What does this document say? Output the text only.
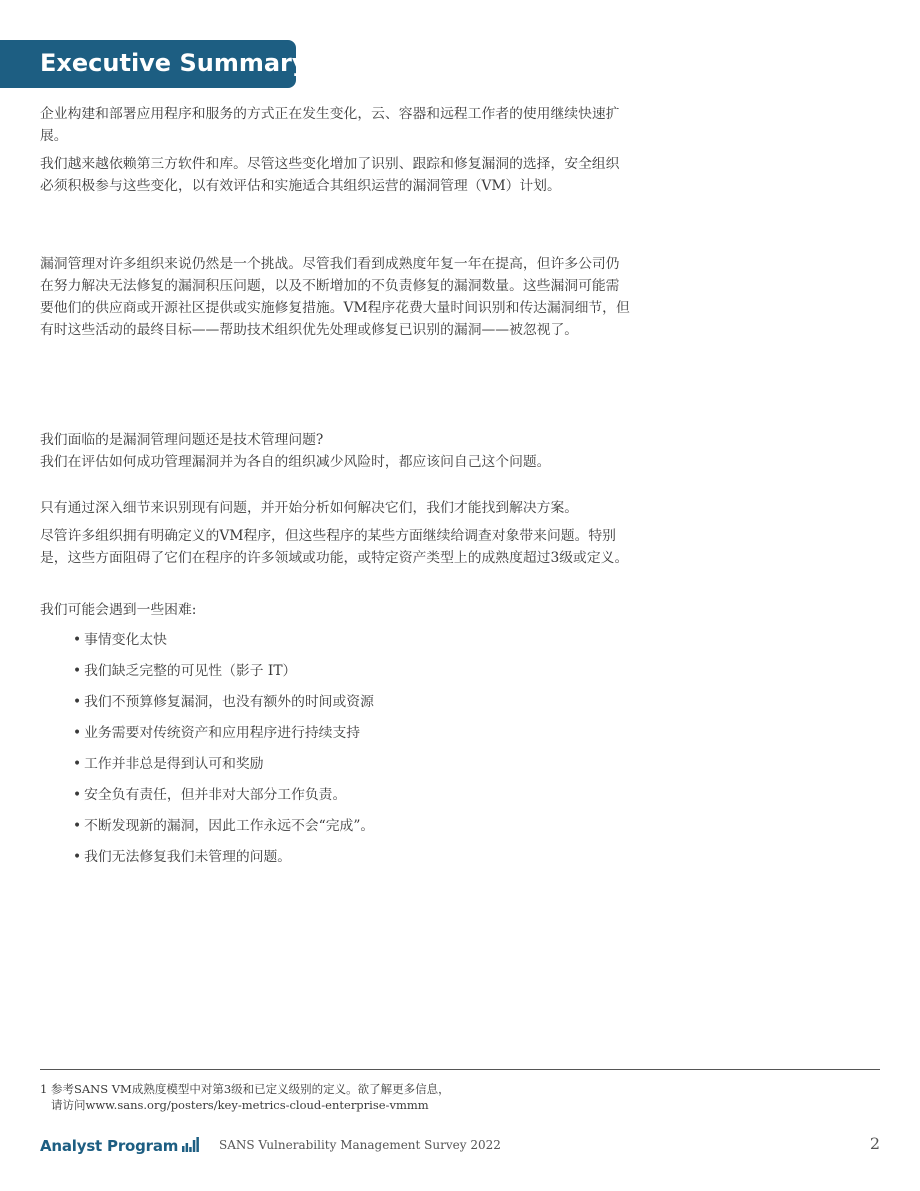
Executive Summary

企业构建和部署应用程序和服务的方式正在发生变化，云、容器和远程工作者的使用继续快速扩展。

我们越来越依赖第三方软件和库。尽管这些变化增加了识别、跟踪和修复漏洞的选择，安全组织必须积极参与这些变化，以有效评估和实施适合其组织运营的漏洞管理（VM）计划。

漏洞管理对许多组织来说仍然是一个挑战。尽管我们看到成熟度年复一年在提高，但许多公司仍在努力解决无法修复的漏洞积压问题，以及不断增加的不负责修复的漏洞数量。这些漏洞可能需要他们的供应商或开源社区提供或实施修复措施。VM程序花费大量时间识别和传达漏洞细节，但有时这些活动的最终目标——帮助技术组织优先处理或修复已识别的漏洞——被忽视了。

我们面临的是漏洞管理问题还是技术管理问题?

我们在评估如何成功管理漏洞并为各自的组织减少风险时，都应该问自己这个问题。

只有通过深入细节来识别现有问题，并开始分析如何解决它们，我们才能找到解决方案。

尽管许多组织拥有明确定义的VM程序，但这些程序的某些方面继续给调查对象带来问题。特别是，这些方面阻碍了它们在程序的许多领域或功能，或特定资产类型上的成熟度超过3级或定义。

我们可能会遇到一些困难:

• 事情变化太快
• 我们缺乏完整的可见性（影子 IT）
• 我们不预算修复漏洞，也没有额外的时间或资源
• 业务需要对传统资产和应用程序进行持续支持
• 工作并非总是得到认可和奖励
• 安全负有责任，但并非对大部分工作负责。
• 不断发现新的漏洞，因此工作永远不会“完成”。
• 我们无法修复我们未管理的问题。
1 参考SANS VM成熟度模型中对第3级和已定义级别的定义。欲了解更多信息，
请访问www.sans.org/posters/key-metrics-cloud-enterprise-vmmm
Analyst Program	SANS Vulnerability Management Survey 2022	2
